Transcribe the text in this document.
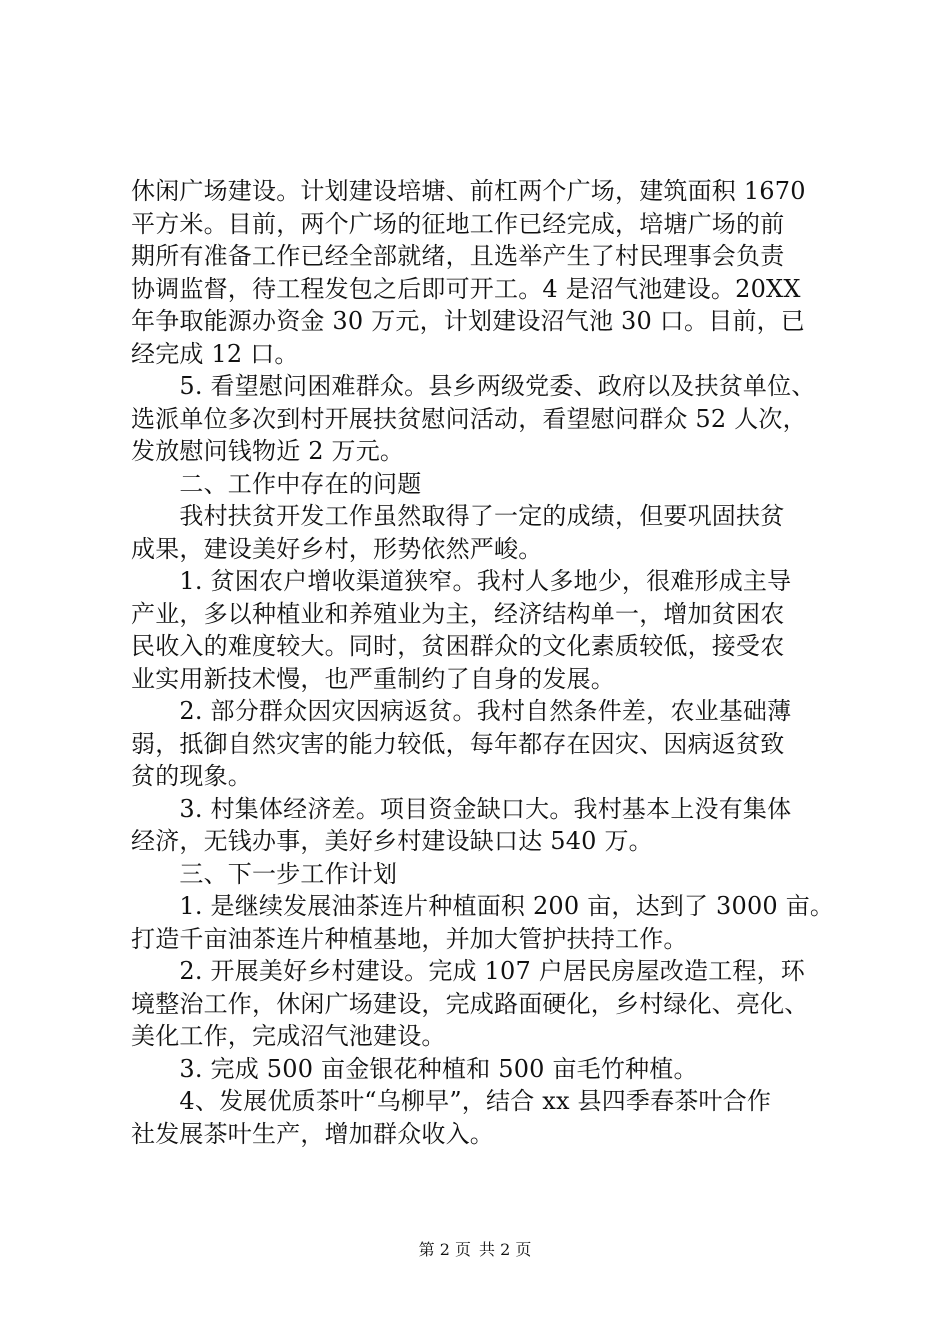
休闲广场建设。计划建设培塘、前杠两个广场，建筑面积 1670
平方米。目前，两个广场的征地工作已经完成，培塘广场的前
期所有准备工作已经全部就绪，且选举产生了村民理事会负责
协调监督，待工程发包之后即可开工。4 是沼气池建设。20XX
年争取能源办资金 30 万元，计划建设沼气池 30 口。目前，已
经完成 12 口。
　　5. 看望慰问困难群众。县乡两级党委、政府以及扶贫单位、
选派单位多次到村开展扶贫慰问活动，看望慰问群众 52 人次，
发放慰问钱物近 2 万元。
　　二、工作中存在的问题
　　我村扶贫开发工作虽然取得了一定的成绩，但要巩固扶贫
成果，建设美好乡村，形势依然严峻。
　　1. 贫困农户增收渠道狭窄。我村人多地少，很难形成主导
产业，多以种植业和养殖业为主，经济结构单一，增加贫困农
民收入的难度较大。同时，贫困群众的文化素质较低，接受农
业实用新技术慢，也严重制约了自身的发展。
　　2. 部分群众因灾因病返贫。我村自然条件差，农业基础薄
弱，抵御自然灾害的能力较低，每年都存在因灾、因病返贫致
贫的现象。
　　3. 村集体经济差。项目资金缺口大。我村基本上没有集体
经济，无钱办事，美好乡村建设缺口达 540 万。
　　三、下一步工作计划
　　1. 是继续发展油茶连片种植面积 200 亩，达到了 3000 亩。
打造千亩油茶连片种植基地，并加大管护扶持工作。
　　2. 开展美好乡村建设。完成 107 户居民房屋改造工程，环
境整治工作，休闲广场建设，完成路面硬化，乡村绿化、亮化、
美化工作，完成沼气池建设。
　　3. 完成 500 亩金银花种植和 500 亩毛竹种植。
　　4、发展优质茶叶“乌柳早”，结合 xx 县四季春茶叶合作
社发展茶叶生产，增加群众收入。
第 2 页 共 2 页
